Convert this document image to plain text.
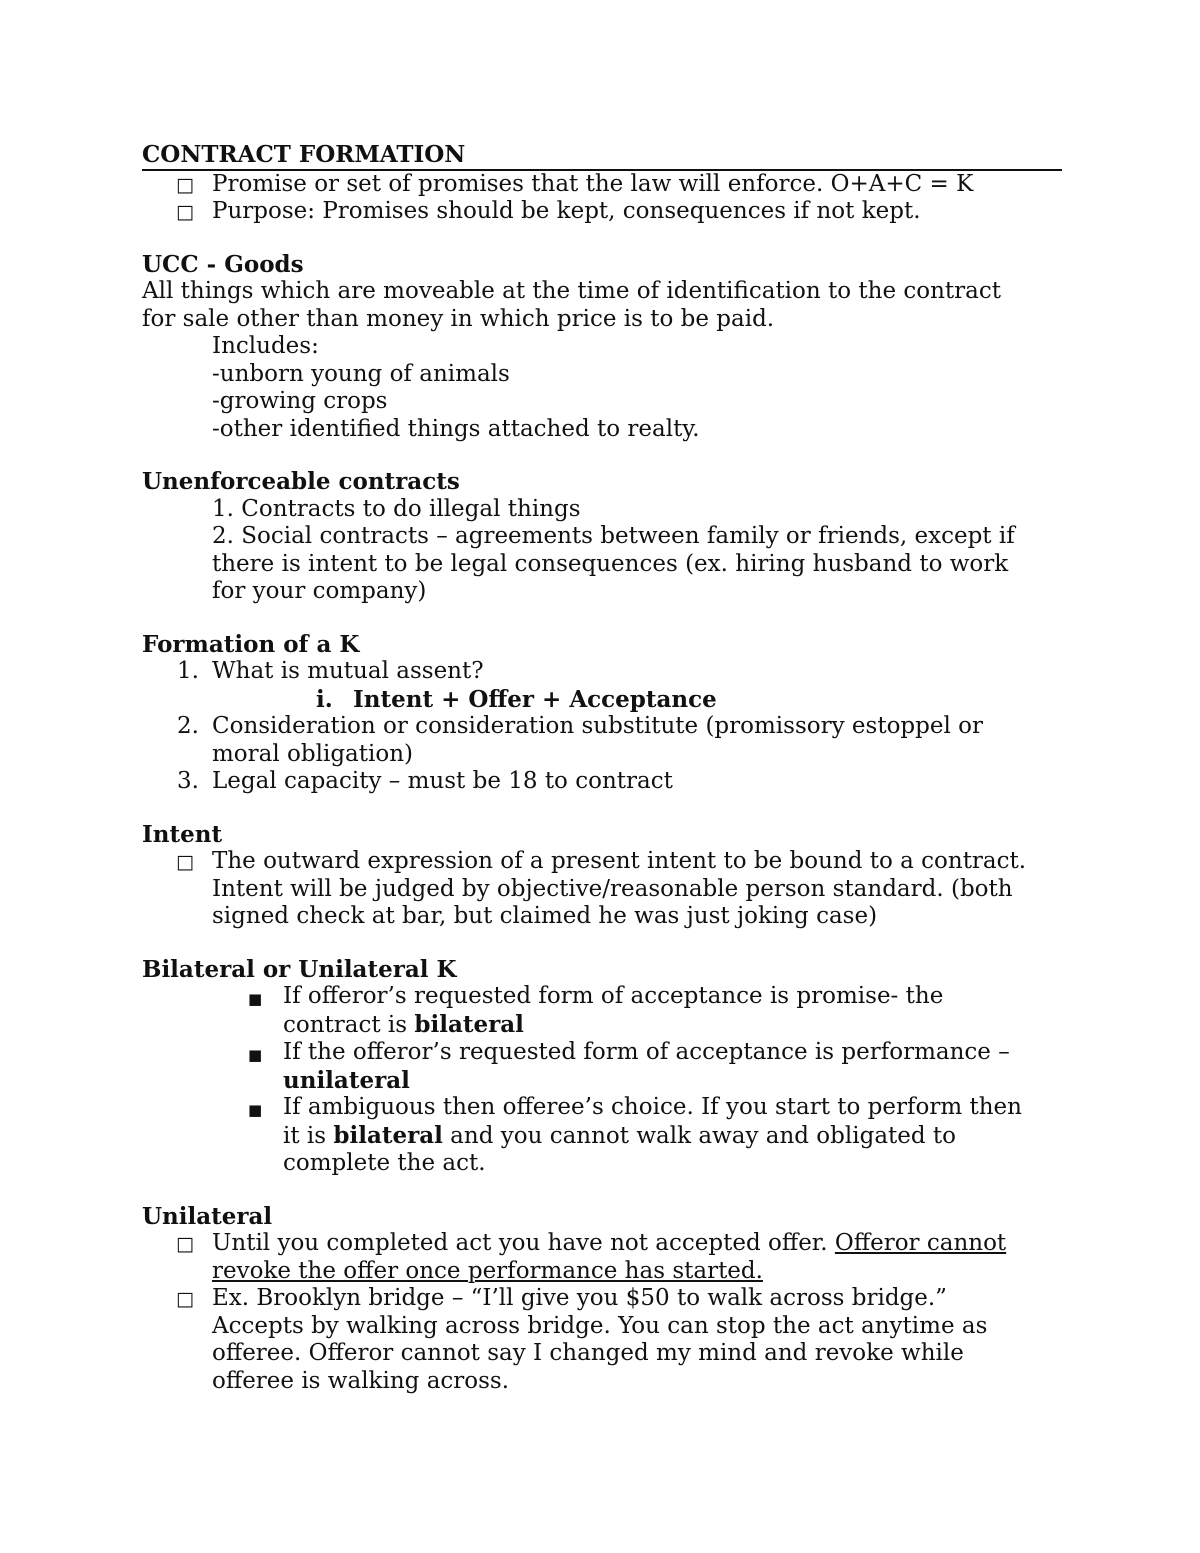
CONTRACT FORMATION
□ Promise or set of promises that the law will enforce. O+A+C = K
□ Purpose: Promises should be kept, consequences if not kept.
UCC - Goods
All things which are moveable at the time of identification to the contract
for sale other than money in which price is to be paid.
Includes:
-unborn young of animals
-growing crops
-other identified things attached to realty.
Unenforceable contracts
1. Contracts to do illegal things
2. Social contracts – agreements between family or friends, except if
there is intent to be legal consequences (ex. hiring husband to work
for your company)
Formation of a K
1. What is mutual assent?
i. Intent + Offer + Acceptance
2. Consideration or consideration substitute (promissory estoppel or
moral obligation)
3. Legal capacity – must be 18 to contract
Intent
□ The outward expression of a present intent to be bound to a contract.
Intent will be judged by objective/reasonable person standard. (both
signed check at bar, but claimed he was just joking case)
Bilateral or Unilateral K
■ If offeror’s requested form of acceptance is promise- the
contract is bilateral
■ If the offeror’s requested form of acceptance is performance –
unilateral
■ If ambiguous then offeree’s choice. If you start to perform then
it is bilateral and you cannot walk away and obligated to
complete the act.
Unilateral
□ Until you completed act you have not accepted offer. Offeror cannot
revoke the offer once performance has started.
□ Ex. Brooklyn bridge – “I’ll give you $50 to walk across bridge.”
Accepts by walking across bridge. You can stop the act anytime as
offeree. Offeror cannot say I changed my mind and revoke while
offeree is walking across.
